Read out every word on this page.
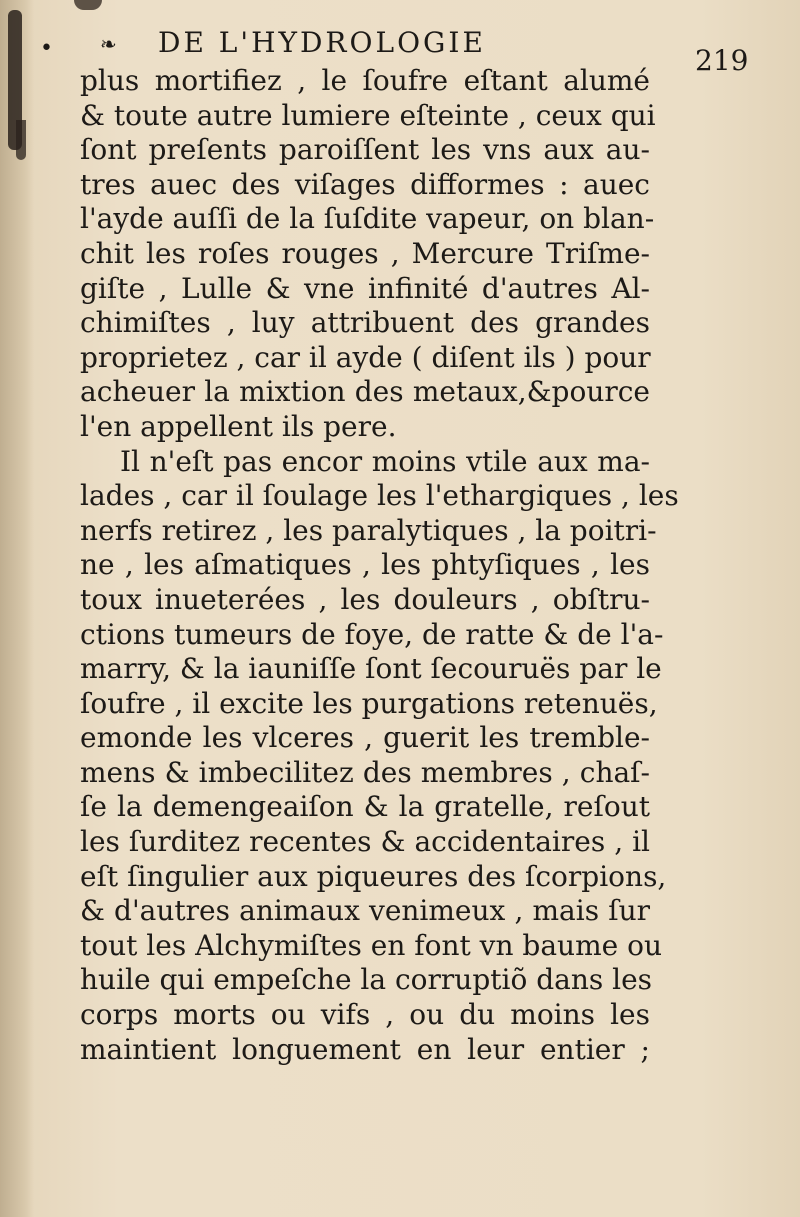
• ❧ DE L'HYDROLOGIE
219
plus mortifiez , le ſoufre eſtant alumé
& toute autre lumiere eſteinte , ceux qui
ſont preſents paroiſſent les vns aux au-
tres auec des viſages difformes : auec
l'ayde auſſi de la ſuſdite vapeur, on blan-
chit les roſes rouges , Mercure Triſme-
giſte , Lulle & vne infinité d'autres Al-
chimiſtes , luy attribuent des grandes
proprietez , car il ayde ( diſent ils ) pour
acheuer la mixtion des metaux,&pource
l'en appellent ils pere.
Il n'eſt pas encor moins vtile aux ma-
lades , car il ſoulage les l'ethargiques , les
nerfs retirez , les paralytiques , la poitri-
ne , les aſmatiques , les phtyſiques , les
toux inueterées , les douleurs , obſtru-
ctions tumeurs de foye, de ratte & de l'a-
marry, & la iauniſſe ſont ſecouruës par le
ſoufre , il excite les purgations retenuës,
emonde les vlceres , guerit les tremble-
mens & imbecilitez des membres , chaſ-
ſe la demengeaiſon & la gratelle, reſout
les ſurditez recentes & accidentaires , il
eſt ſingulier aux piqueures des ſcorpions,
& d'autres animaux venimeux , mais ſur
tout les Alchymiſtes en font vn baume ou
huile qui empeſche la corruptiõ dans les
corps morts ou vifs , ou du moins les
maintient longuement en leur entier ;
